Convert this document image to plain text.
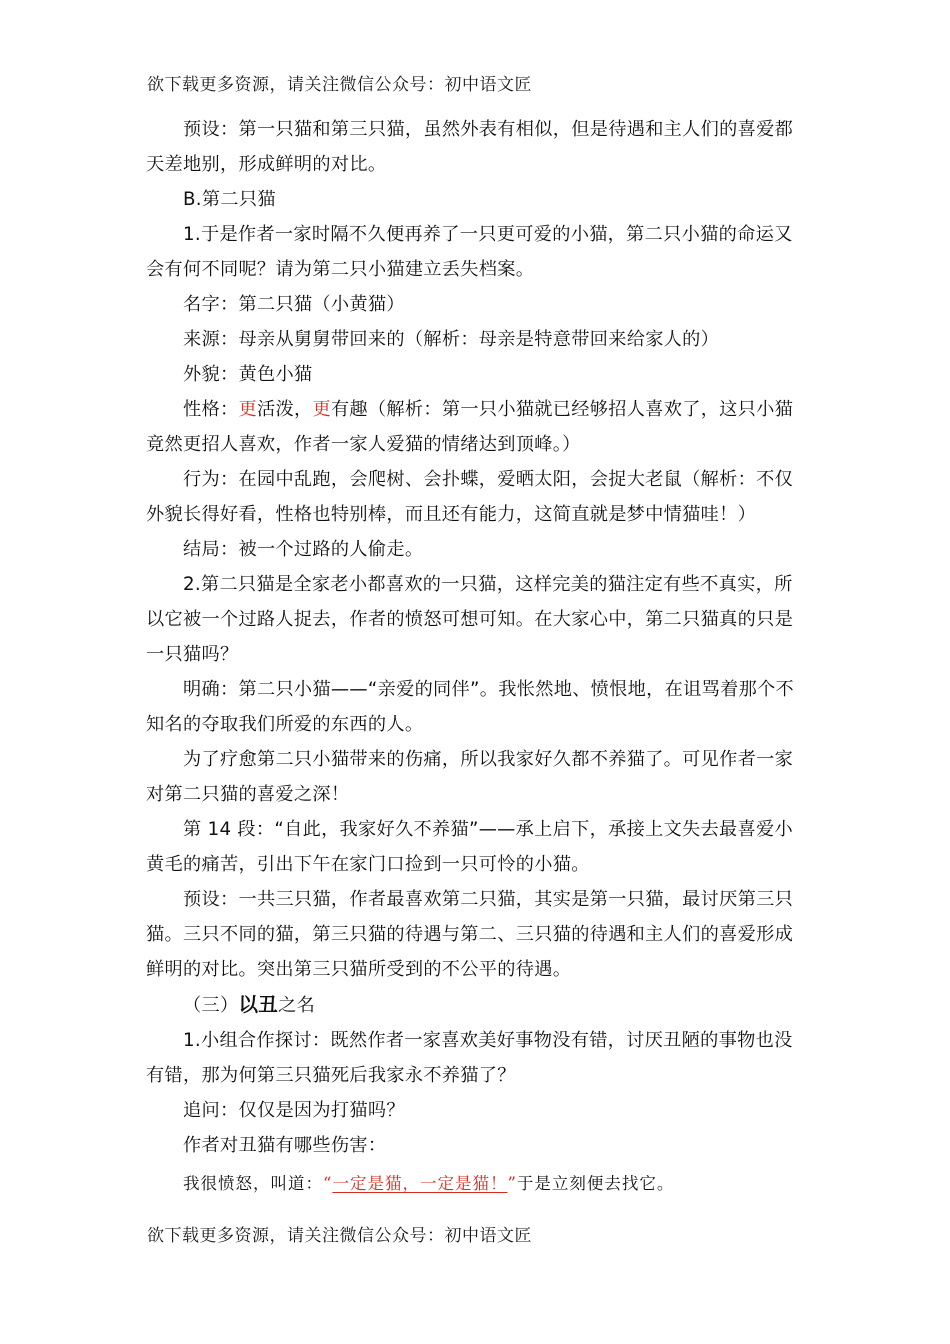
欲下载更多资源，请关注微信公众号：初中语文匠

预设：第一只猫和第三只猫，虽然外表有相似，但是待遇和主人们的喜爱都天差地别，形成鲜明的对比。

B.第二只猫

1.于是作者一家时隔不久便再养了一只更可爱的小猫，第二只小猫的命运又会有何不同呢？请为第二只小猫建立丢失档案。

名字：第二只猫（小黄猫）

来源：母亲从舅舅带回来的（解析：母亲是特意带回来给家人的）

外貌：黄色小猫

性格：更活泼，更有趣（解析：第一只小猫就已经够招人喜欢了，这只小猫竟然更招人喜欢，作者一家人爱猫的情绪达到顶峰。）

行为：在园中乱跑，会爬树、会扑蝶，爱晒太阳，会捉大老鼠（解析：不仅外貌长得好看，性格也特别棒，而且还有能力，这简直就是梦中情猫哇！）

结局：被一个过路的人偷走。

2.第二只猫是全家老小都喜欢的一只猫，这样完美的猫注定有些不真实，所以它被一个过路人捉去，作者的愤怒可想可知。在大家心中，第二只猫真的只是一只猫吗？

明确：第二只小猫——“亲爱的同伴”。我怅然地、愤恨地，在诅骂着那个不知名的夺取我们所爱的东西的人。

为了疗愈第二只小猫带来的伤痛，所以我家好久都不养猫了。可见作者一家对第二只猫的喜爱之深！

第 14 段：“自此，我家好久不养猫”——承上启下，承接上文失去最喜爱小黄毛的痛苦，引出下午在家门口捡到一只可怜的小猫。

预设：一共三只猫，作者最喜欢第二只猫，其实是第一只猫，最讨厌第三只猫。三只不同的猫，第三只猫的待遇与第二、三只猫的待遇和主人们的喜爱形成鲜明的对比。突出第三只猫所受到的不公平的待遇。

（三）以丑之名

1.小组合作探讨：既然作者一家喜欢美好事物没有错，讨厌丑陋的事物也没有错，那为何第三只猫死后我家永不养猫了？

追问：仅仅是因为打猫吗？

作者对丑猫有哪些伤害：

我很愤怒，叫道：“一定是猫，一定是猫！”于是立刻便去找它。

欲下载更多资源，请关注微信公众号：初中语文匠
